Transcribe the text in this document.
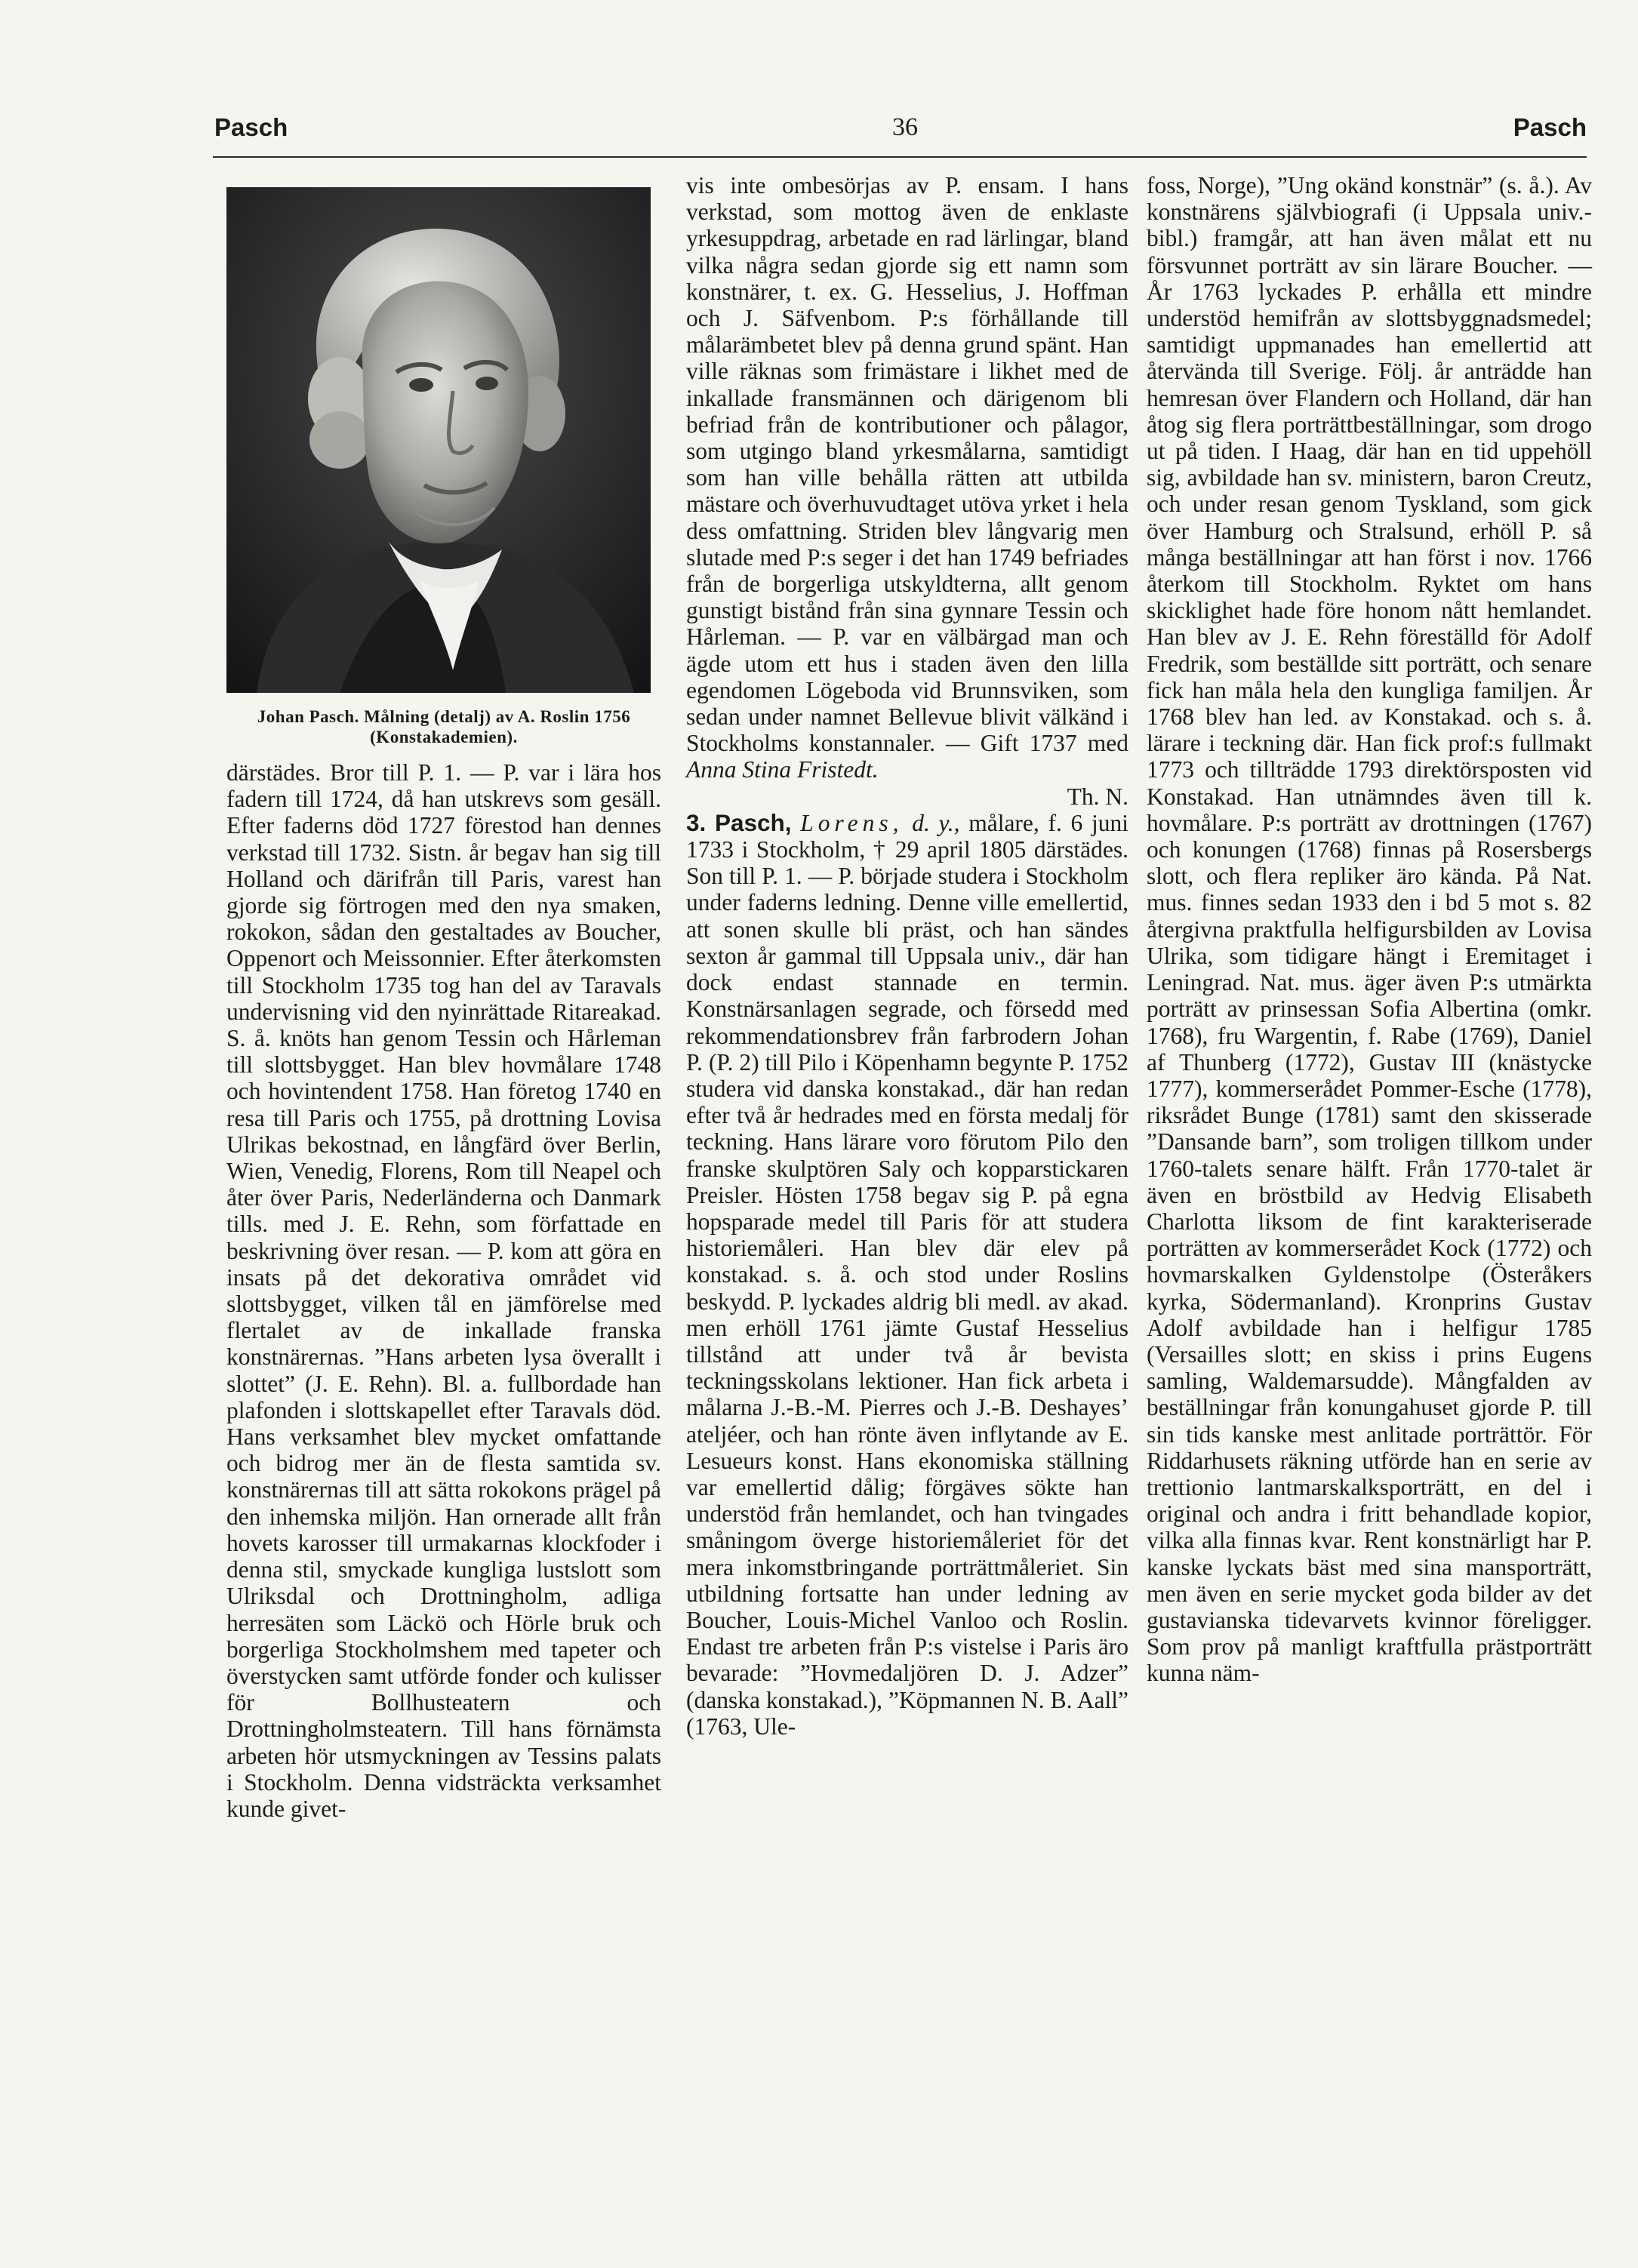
Pasch	36	Pasch
Johan Pasch. Målning (detalj) av A. Roslin 1756 (Konstakademien).

därstädes. Bror till P. 1. — P. var i lära hos fadern till 1724, då han utskrevs som gesäll. Efter faderns död 1727 förestod han dennes verkstad till 1732. Sistn. år begav han sig till Holland och därifrån till Paris, varest han gjorde sig förtrogen med den nya smaken, rokokon, sådan den gestaltades av Boucher, Oppenort och Meissonnier. Efter återkomsten till Stockholm 1735 tog han del av Taravals undervisning vid den nyinrättade Ritareakad. S. å. knöts han genom Tessin och Hårleman till slottsbygget. Han blev hovmålare 1748 och hovintendent 1758. Han företog 1740 en resa till Paris och 1755, på drottning Lovisa Ulrikas bekostnad, en långfärd över Berlin, Wien, Venedig, Florens, Rom till Neapel och åter över Paris, Nederländerna och Danmark tills. med J. E. Rehn, som författade en beskrivning över resan. — P. kom att göra en insats på det dekorativa området vid slottsbygget, vilken tål en jämförelse med flertalet av de inkallade franska konstnärernas. ”Hans arbeten lysa överallt i slottet” (J. E. Rehn). Bl. a. fullbordade han plafonden i slottskapellet efter Taravals död. Hans verksamhet blev mycket omfattande och bidrog mer än de flesta samtida sv. konstnärernas till att sätta rokokons prägel på den inhemska miljön. Han ornerade allt från hovets karosser till urmakarnas klockfoder i denna stil, smyckade kungliga lustslott som Ulriksdal och Drottningholm, adliga herresäten som Läckö och Hörle bruk och borgerliga Stockholmshem med tapeter och överstycken samt utförde fonder och kulisser för Bollhusteatern och Drottningholmsteatern. Till hans förnämsta arbeten hör utsmyckningen av Tessins palats i Stockholm. Denna vidsträckta verksamhet kunde givet-

vis inte ombesörjas av P. ensam. I hans verkstad, som mottog även de enklaste yrkesuppdrag, arbetade en rad lärlingar, bland vilka några sedan gjorde sig ett namn som konstnärer, t. ex. G. Hesselius, J. Hoffman och J. Säfvenbom. P:s förhållande till målarämbetet blev på denna grund spänt. Han ville räknas som frimästare i likhet med de inkallade fransmännen och därigenom bli befriad från de kontributioner och pålagor, som utgingo bland yrkesmålarna, samtidigt som han ville behålla rätten att utbilda mästare och överhuvudtaget utöva yrket i hela dess omfattning. Striden blev långvarig men slutade med P:s seger i det han 1749 befriades från de borgerliga utskyldterna, allt genom gunstigt bistånd från sina gynnare Tessin och Hårleman. — P. var en välbärgad man och ägde utom ett hus i staden även den lilla egendomen Lögeboda vid Brunnsviken, som sedan under namnet Bellevue blivit välkänd i Stockholms konstannaler. — Gift 1737 med Anna Stina Fristedt.

Th. N.

3. Pasch, Lorens, d. y., målare, f. 6 juni 1733 i Stockholm, † 29 april 1805 därstädes. Son till P. 1. — P. började studera i Stockholm under faderns ledning. Denne ville emellertid, att sonen skulle bli präst, och han sändes sexton år gammal till Uppsala univ., där han dock endast stannade en termin. Konstnärsanlagen segrade, och försedd med rekommendationsbrev från farbrodern Johan P. (P. 2) till Pilo i Köpenhamn begynte P. 1752 studera vid danska konstakad., där han redan efter två år hedrades med en första medalj för teckning. Hans lärare voro förutom Pilo den franske skulptören Saly och kopparstickaren Preisler. Hösten 1758 begav sig P. på egna hopsparade medel till Paris för att studera historiemåleri. Han blev där elev på konstakad. s. å. och stod under Roslins beskydd. P. lyckades aldrig bli medl. av akad. men erhöll 1761 jämte Gustaf Hesselius tillstånd att under två år bevista teckningsskolans lektioner. Han fick arbeta i målarna J.-B.-M. Pierres och J.-B. Deshayes’ ateljéer, och han rönte även inflytande av E. Lesueurs konst. Hans ekonomiska ställning var emellertid dålig; förgäves sökte han understöd från hemlandet, och han tvingades småningom överge historiemåleriet för det mera inkomstbringande porträttmåleriet. Sin utbildning fortsatte han under ledning av Boucher, Louis-Michel Vanloo och Roslin. Endast tre arbeten från P:s vistelse i Paris äro bevarade: ”Hovmedaljören D. J. Adzer” (danska konstakad.), ”Köpmannen N. B. Aall” (1763, Ule-

foss, Norge), ”Ung okänd konstnär” (s. å.). Av konstnärens självbiografi (i Uppsala univ.-bibl.) framgår, att han även målat ett nu försvunnet porträtt av sin lärare Boucher. — År 1763 lyckades P. erhålla ett mindre understöd hemifrån av slottsbyggnadsmedel; samtidigt uppmanades han emellertid att återvända till Sverige. Följ. år anträdde han hemresan över Flandern och Holland, där han åtog sig flera porträttbeställningar, som drogo ut på tiden. I Haag, där han en tid uppehöll sig, avbildade han sv. ministern, baron Creutz, och under resan genom Tyskland, som gick över Hamburg och Stralsund, erhöll P. så många beställningar att han först i nov. 1766 återkom till Stockholm. Ryktet om hans skicklighet hade före honom nått hemlandet. Han blev av J. E. Rehn föreställd för Adolf Fredrik, som beställde sitt porträtt, och senare fick han måla hela den kungliga familjen. År 1768 blev han led. av Konstakad. och s. å. lärare i teckning där. Han fick prof:s fullmakt 1773 och tillträdde 1793 direktörsposten vid Konstakad. Han utnämndes även till k. hovmålare. P:s porträtt av drottningen (1767) och konungen (1768) finnas på Rosersbergs slott, och flera repliker äro kända. På Nat. mus. finnes sedan 1933 den i bd 5 mot s. 82 återgivna praktfulla helfigursbilden av Lovisa Ulrika, som tidigare hängt i Eremitaget i Leningrad. Nat. mus. äger även P:s utmärkta porträtt av prinsessan Sofia Albertina (omkr. 1768), fru Wargentin, f. Rabe (1769), Daniel af Thunberg (1772), Gustav III (knästycke 1777), kommerserådet Pommer-Esche (1778), riksrådet Bunge (1781) samt den skisserade ”Dansande barn”, som troligen tillkom under 1760-talets senare hälft. Från 1770-talet är även en bröstbild av Hedvig Elisabeth Charlotta liksom de fint karakteriserade porträtten av kommerserådet Kock (1772) och hovmarskalken Gyldenstolpe (Österåkers kyrka, Södermanland). Kronprins Gustav Adolf avbildade han i helfigur 1785 (Versailles slott; en skiss i prins Eugens samling, Waldemarsudde). Mångfalden av beställningar från konungahuset gjorde P. till sin tids kanske mest anlitade porträttör. För Riddarhusets räkning utförde han en serie av trettionio lantmarskalksporträtt, en del i original och andra i fritt behandlade kopior, vilka alla finnas kvar. Rent konstnärligt har P. kanske lyckats bäst med sina mansporträtt, men även en serie mycket goda bilder av det gustavianska tidevarvets kvinnor föreligger. Som prov på manligt kraftfulla prästporträtt kunna näm-
